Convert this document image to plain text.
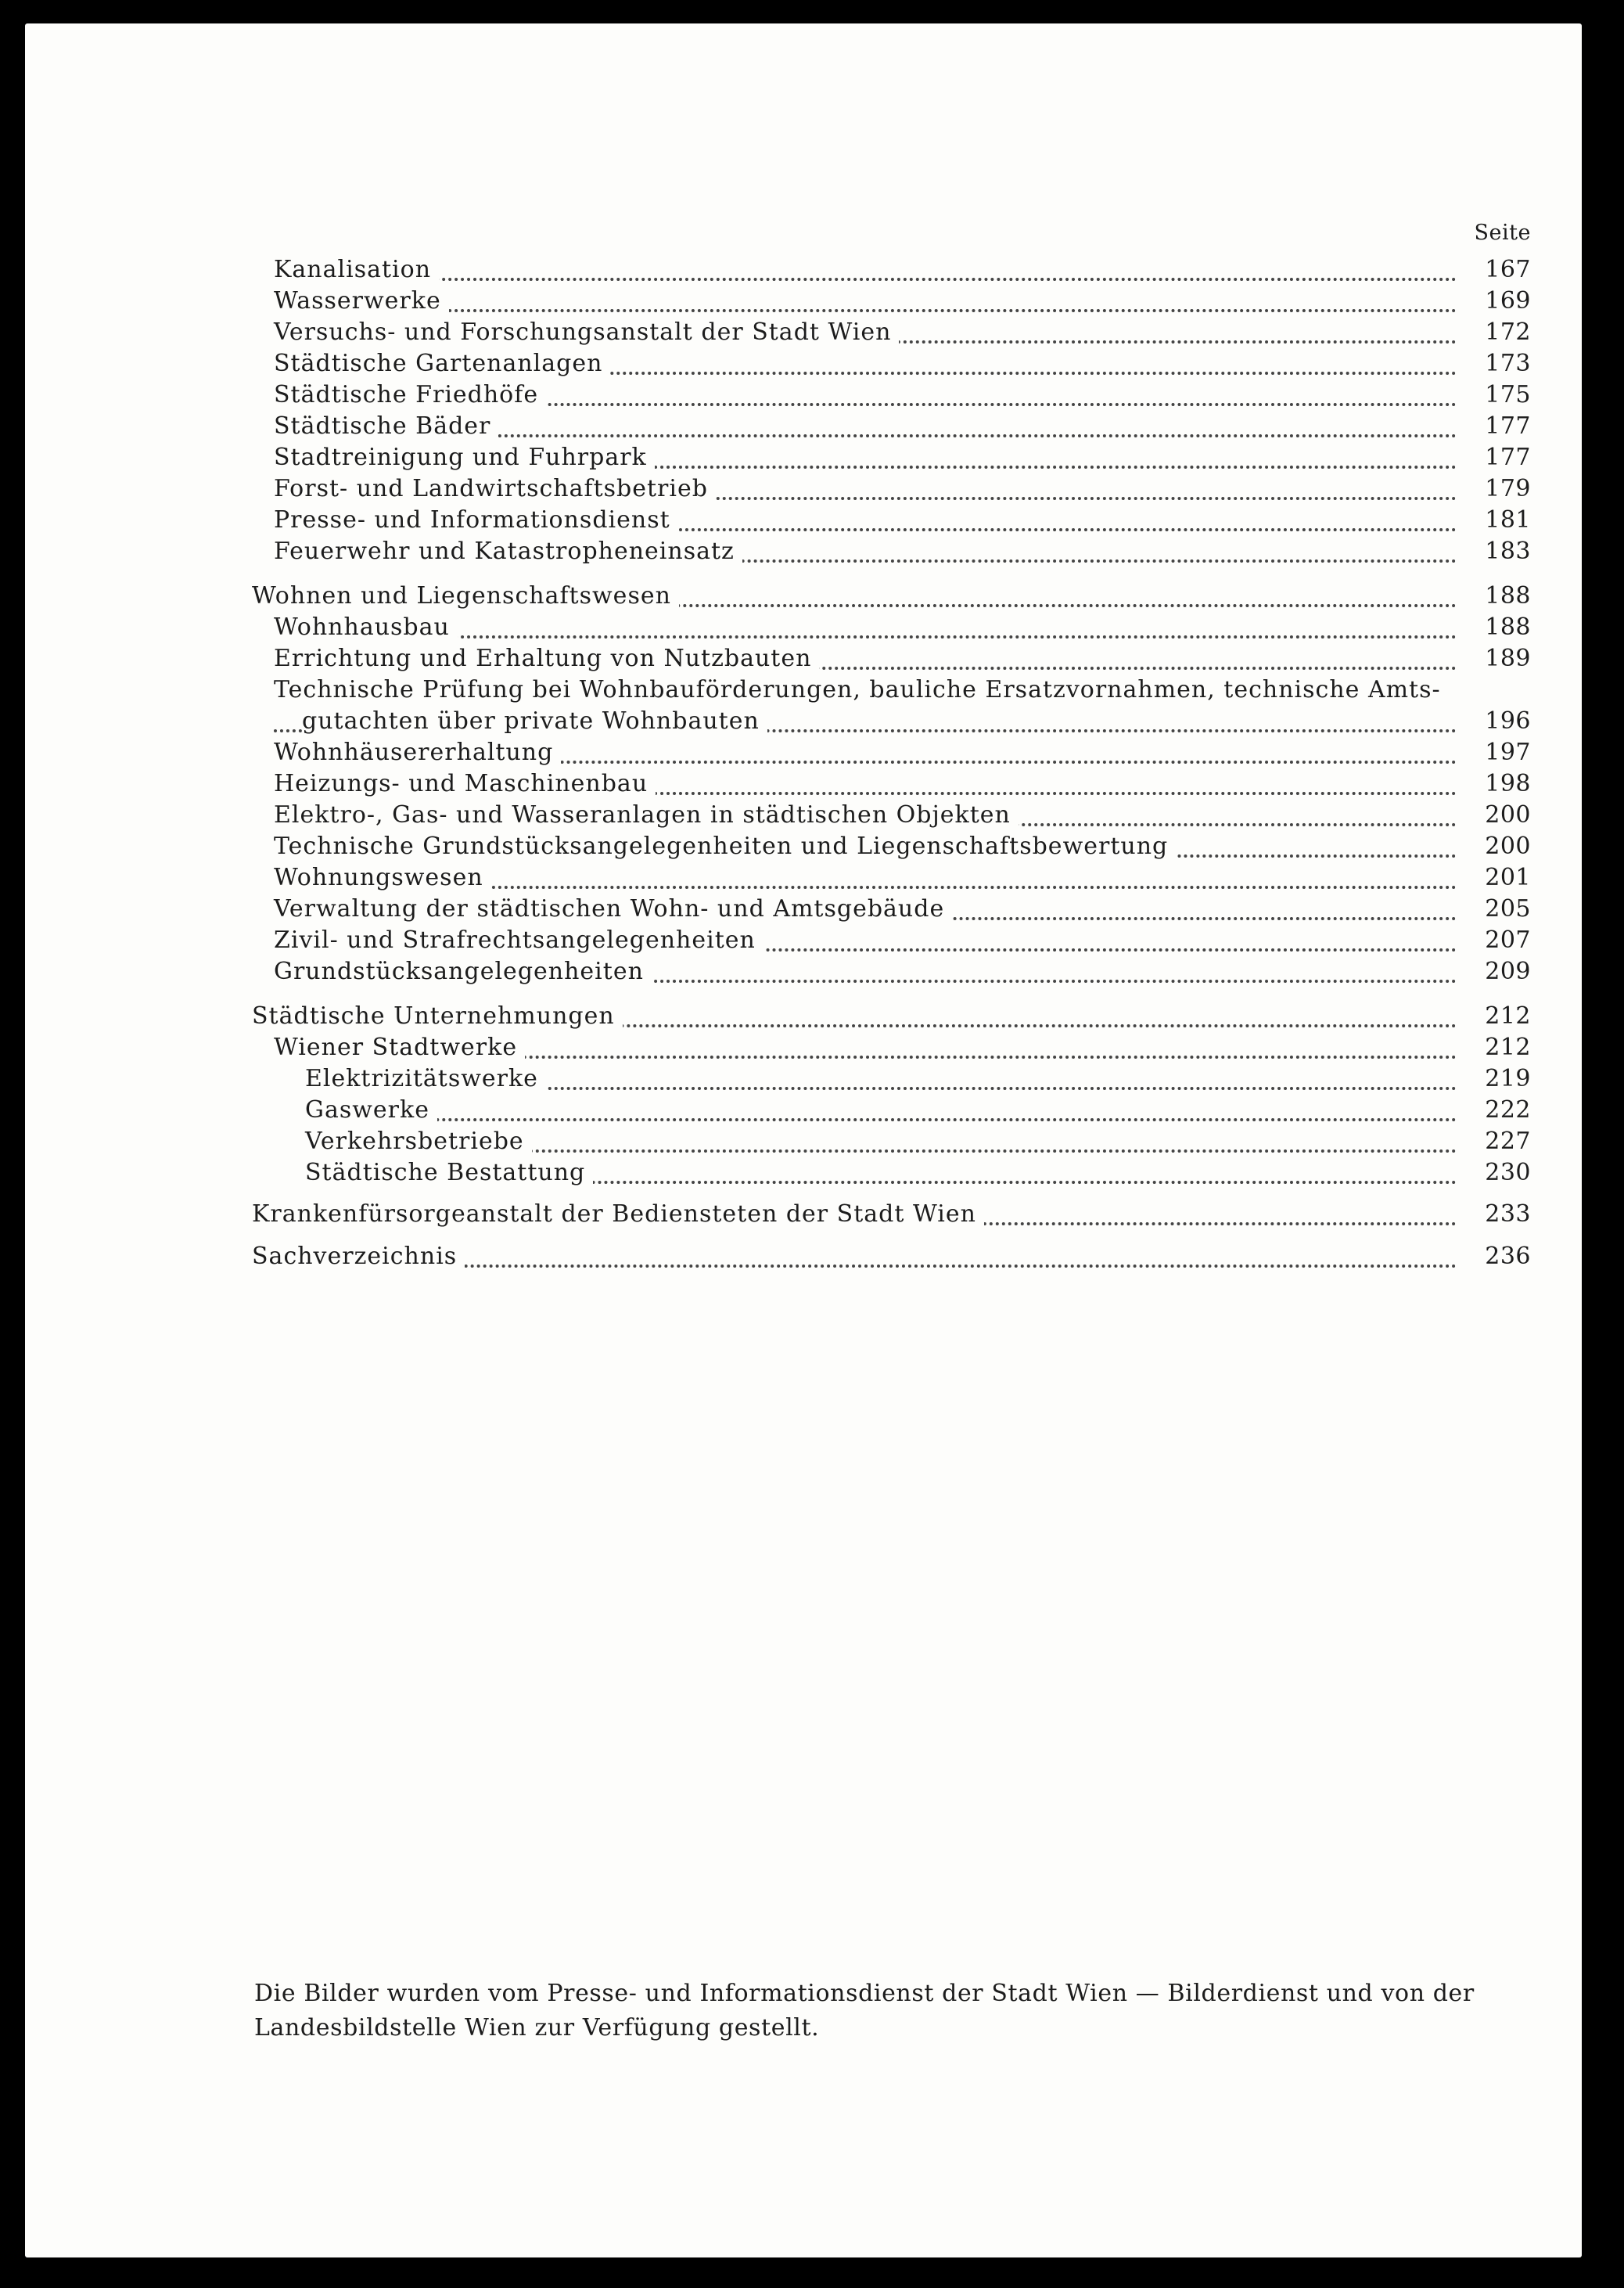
Seite
Kanalisation	167
Wasserwerke	169
Versuchs- und Forschungsanstalt der Stadt Wien	172
Städtische Gartenanlagen	173
Städtische Friedhöfe	175
Städtische Bäder	177
Stadtreinigung und Fuhrpark	177
Forst- und Landwirtschaftsbetrieb	179
Presse- und Informationsdienst	181
Feuerwehr und Katastropheneinsatz	183
Wohnen und Liegenschaftswesen	188
Wohnhausbau	188
Errichtung und Erhaltung von Nutzbauten	189
Technische Prüfung bei Wohnbauförderungen, bauliche Ersatzvornahmen, technische Amts-
gutachten über private Wohnbauten	196
Wohnhäusererhaltung	197
Heizungs- und Maschinenbau	198
Elektro-, Gas- und Wasseranlagen in städtischen Objekten	200
Technische Grundstücksangelegenheiten und Liegenschaftsbewertung	200
Wohnungswesen	201
Verwaltung der städtischen Wohn- und Amtsgebäude	205
Zivil- und Strafrechtsangelegenheiten	207
Grundstücksangelegenheiten	209
Städtische Unternehmungen	212
Wiener Stadtwerke	212
Elektrizitätswerke	219
Gaswerke	222
Verkehrsbetriebe	227
Städtische Bestattung	230
Krankenfürsorgeanstalt der Bediensteten der Stadt Wien	233
Sachverzeichnis	236
Die Bilder wurden vom Presse- und Informationsdienst der Stadt Wien — Bilderdienst und von der Landesbildstelle Wien zur Verfügung gestellt.
